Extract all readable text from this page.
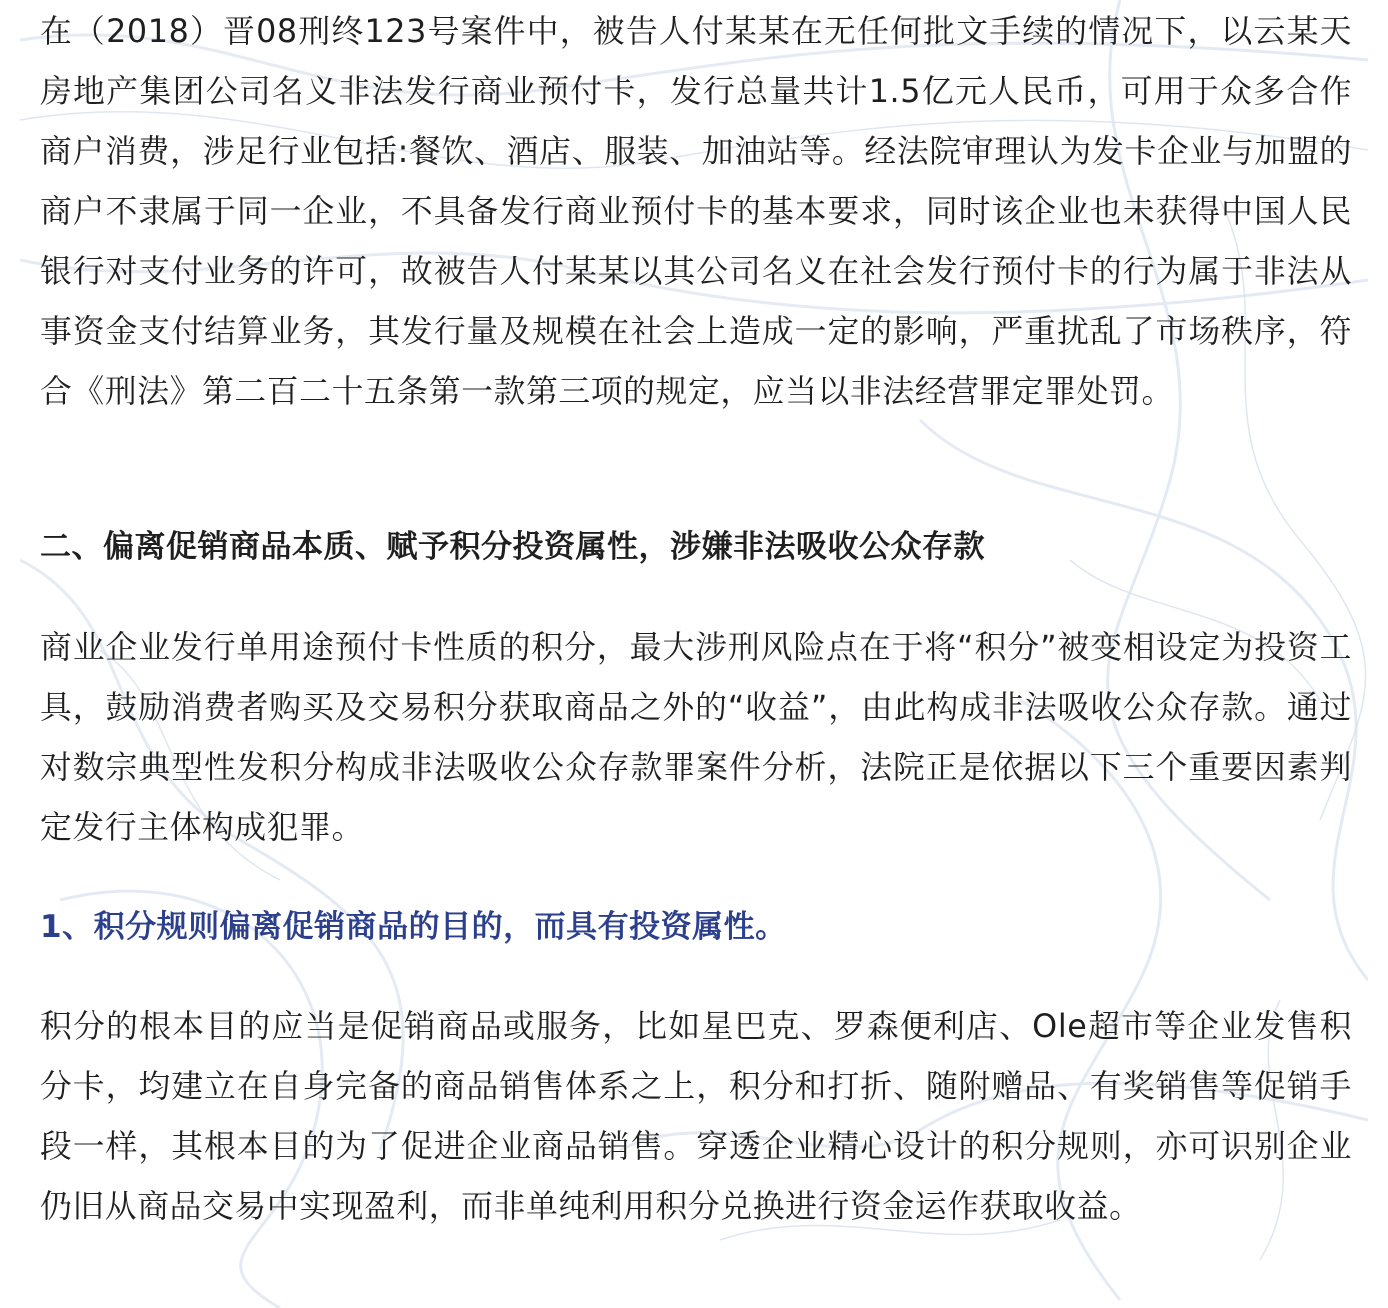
在（2018）晋08刑终123号案件中，被告人付某某在无任何批文手续的情况下，以云某天房地产集团公司名义非法发行商业预付卡，发行总量共计1.5亿元人民币，可用于众多合作商户消费，涉足行业包括:餐饮、酒店、服装、加油站等。经法院审理认为发卡企业与加盟的商户不隶属于同一企业，不具备发行商业预付卡的基本要求，同时该企业也未获得中国人民银行对支付业务的许可，故被告人付某某以其公司名义在社会发行预付卡的行为属于非法从事资金支付结算业务，其发行量及规模在社会上造成一定的影响，严重扰乱了市场秩序，符合《刑法》第二百二十五条第一款第三项的规定，应当以非法经营罪定罪处罚。

二、偏离促销商品本质、赋予积分投资属性，涉嫌非法吸收公众存款

商业企业发行单用途预付卡性质的积分，最大涉刑风险点在于将“积分”被变相设定为投资工具，鼓励消费者购买及交易积分获取商品之外的“收益”，由此构成非法吸收公众存款。通过对数宗典型性发积分构成非法吸收公众存款罪案件分析，法院正是依据以下三个重要因素判定发行主体构成犯罪。

1、积分规则偏离促销商品的目的，而具有投资属性。

积分的根本目的应当是促销商品或服务，比如星巴克、罗森便利店、Ole超市等企业发售积分卡，均建立在自身完备的商品销售体系之上，积分和打折、随附赠品、有奖销售等促销手段一样，其根本目的为了促进企业商品销售。穿透企业精心设计的积分规则，亦可识别企业仍旧从商品交易中实现盈利，而非单纯利用积分兑换进行资金运作获取收益。
